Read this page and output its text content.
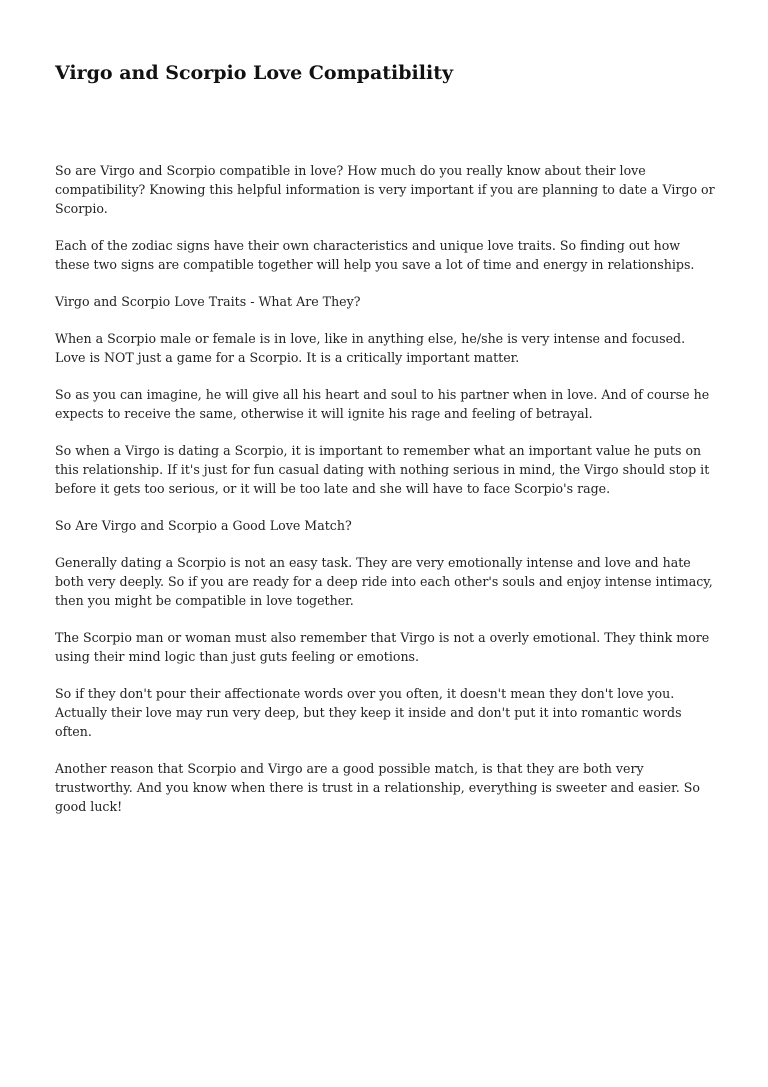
Virgo and Scorpio Love Compatibility

So are Virgo and Scorpio compatible in love? How much do you really know about their love compatibility? Knowing this helpful information is very important if you are planning to date a Virgo or Scorpio.

Each of the zodiac signs have their own characteristics and unique love traits. So finding out how these two signs are compatible together will help you save a lot of time and energy in relationships.

Virgo and Scorpio Love Traits - What Are They?

When a Scorpio male or female is in love, like in anything else, he/she is very intense and focused. Love is NOT just a game for a Scorpio. It is a critically important matter.

So as you can imagine, he will give all his heart and soul to his partner when in love. And of course he expects to receive the same, otherwise it will ignite his rage and feeling of betrayal.

So when a Virgo is dating a Scorpio, it is important to remember what an important value he puts on this relationship. If it's just for fun casual dating with nothing serious in mind, the Virgo should stop it before it gets too serious, or it will be too late and she will have to face Scorpio's rage.

So Are Virgo and Scorpio a Good Love Match?

Generally dating a Scorpio is not an easy task. They are very emotionally intense and love and hate both very deeply. So if you are ready for a deep ride into each other's souls and enjoy intense intimacy, then you might be compatible in love together.

The Scorpio man or woman must also remember that Virgo is not a overly emotional. They think more using their mind logic than just guts feeling or emotions.

So if they don't pour their affectionate words over you often, it doesn't mean they don't love you. Actually their love may run very deep, but they keep it inside and don't put it into romantic words often.

Another reason that Scorpio and Virgo are a good possible match, is that they are both very trustworthy. And you know when there is trust in a relationship, everything is sweeter and easier. So good luck!
